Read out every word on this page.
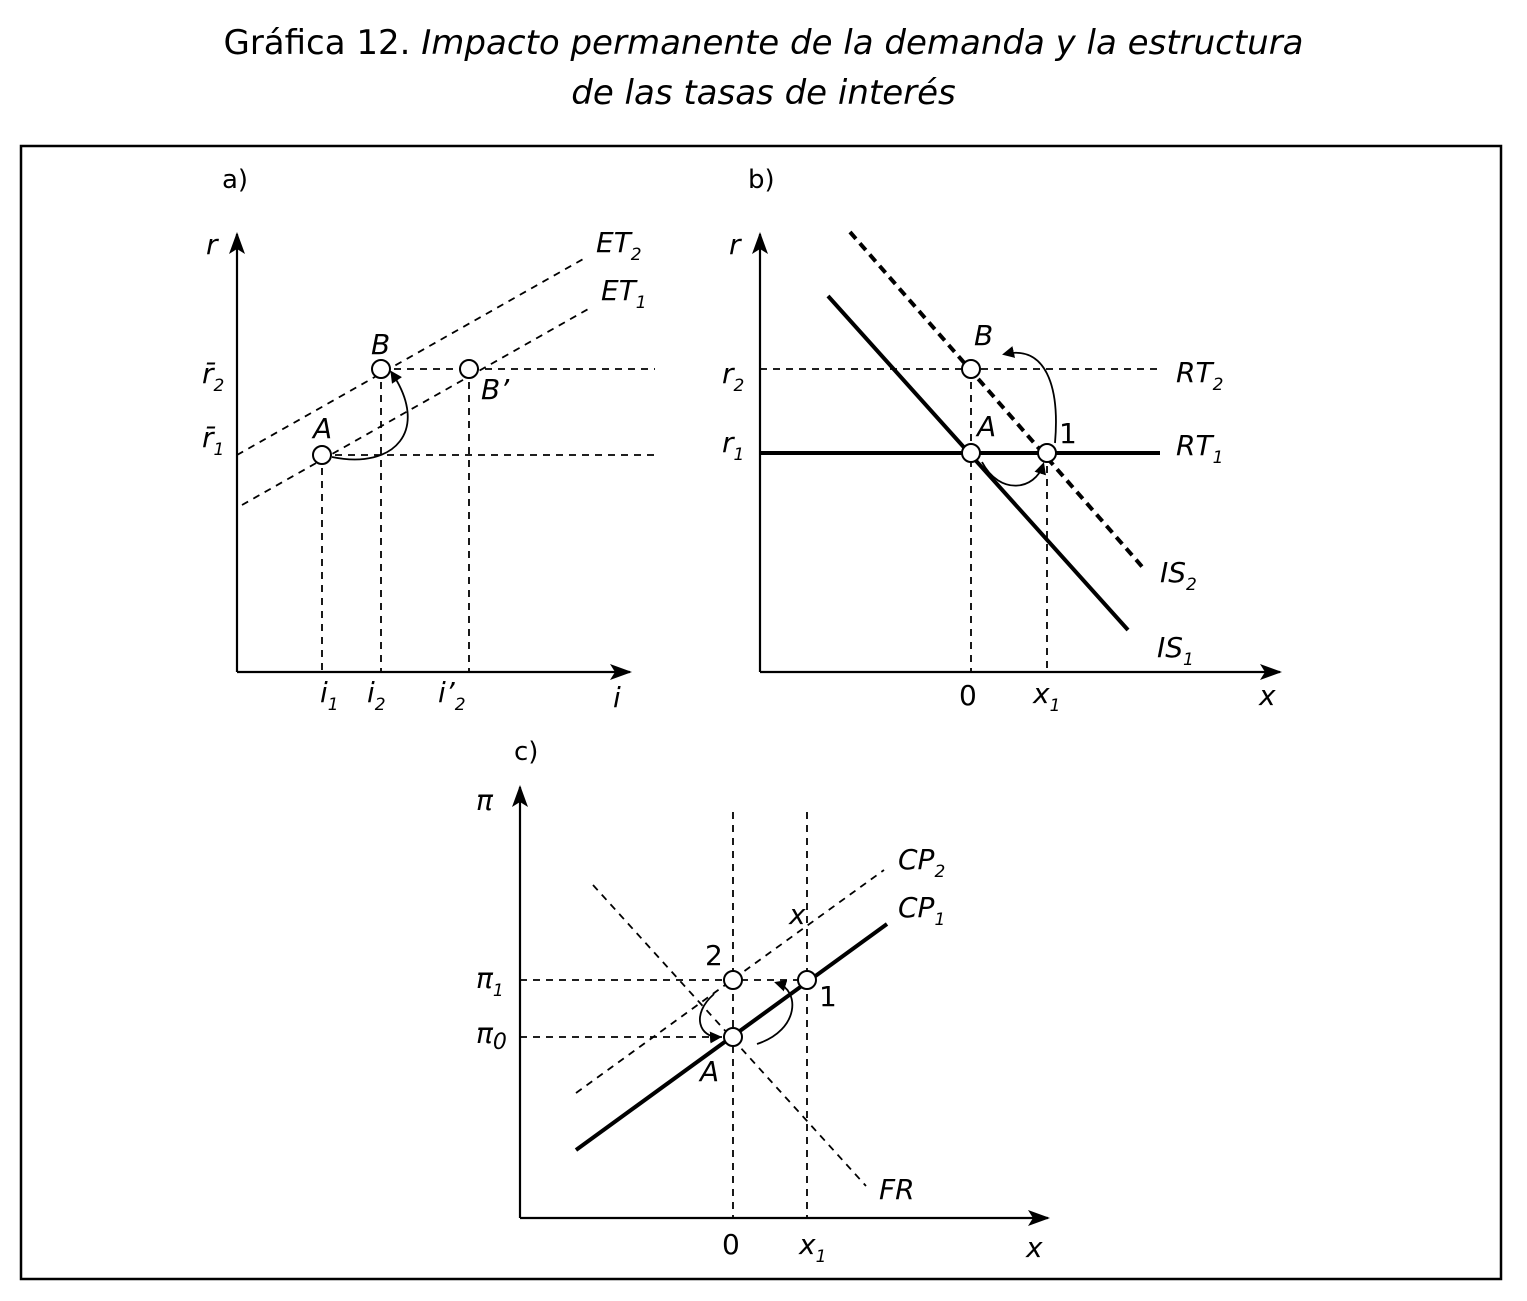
Gráfica 12. Impacto permanente de la demanda y la estructura
de las tasas de interés
a)
r
i
$ET_2$
$ET_1$
$r̄_2$
$r̄_1$
$i_1$ $i_2$ $i’_2$
A
B
B’
b)
r
x
$RT_2$
$RT_1$
$IS_2$
$IS_1$
$r_2$
$r_1$
0 $x_1$
B
A 1
c)
π
x
$CP_2$
$CP_1$
FR
x
$\pi_1$
$\pi_0$
0 $x_1$
2
1
A
